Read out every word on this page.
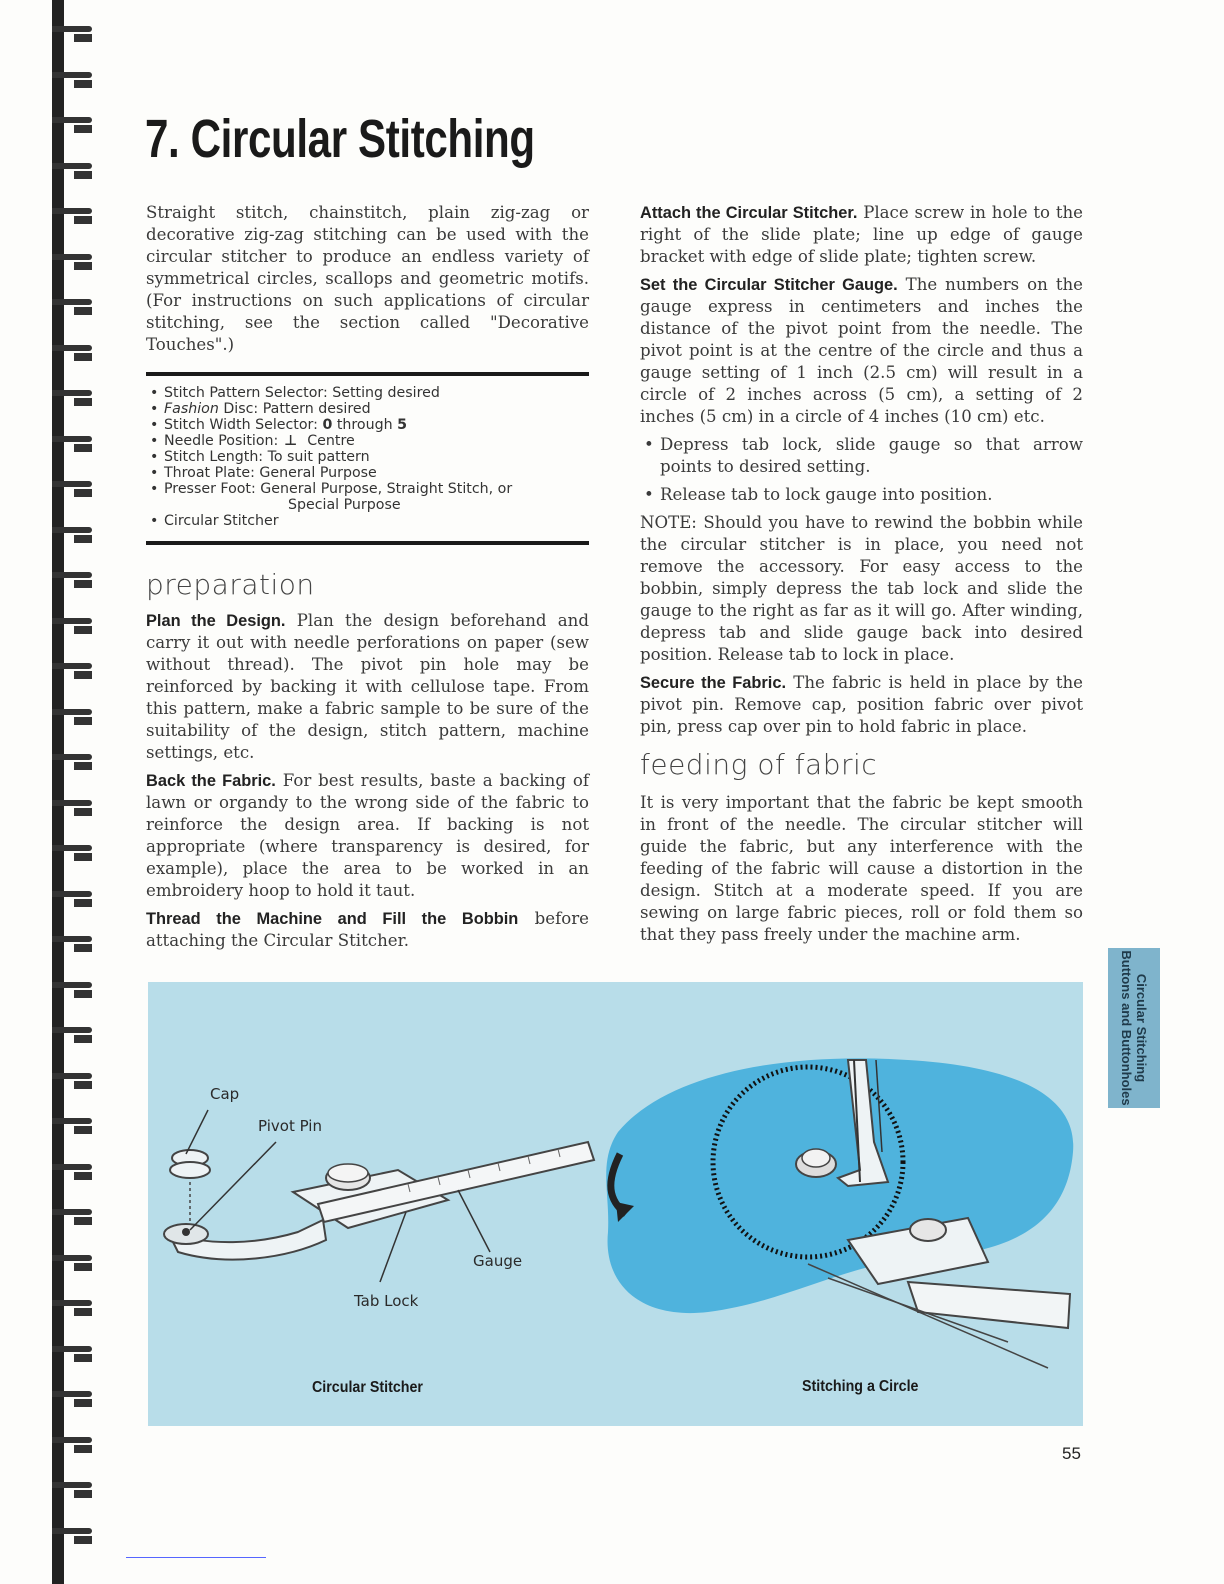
7. Circular Stitching

Straight stitch, chainstitch, plain zig-zag or decorative zig-zag stitching can be used with the circular stitcher to produce an endless variety of symmetrical circles, scallops and geometric motifs. (For instructions on such applications of circular stitching, see the section called "Decorative Touches".)

• Stitch Pattern Selector: Setting desired
• Fashion Disc: Pattern desired
• Stitch Width Selector: 0 through 5
• Needle Position: ⊥ Centre
• Stitch Length: To suit pattern
• Throat Plate: General Purpose
• Presser Foot: General Purpose, Straight Stitch, or
Special Purpose
• Circular Stitcher
preparation

Plan the Design. Plan the design beforehand and carry it out with needle perforations on paper (sew without thread). The pivot pin hole may be reinforced by backing it with cellulose tape. From this pattern, make a fabric sample to be sure of the suitability of the design, stitch pattern, machine settings, etc.

Back the Fabric. For best results, baste a backing of lawn or organdy to the wrong side of the fabric to reinforce the design area. If backing is not appropriate (where transparency is desired, for example), place the area to be worked in an embroidery hoop to hold it taut.

Thread the Machine and Fill the Bobbin before attaching the Circular Stitcher.

Attach the Circular Stitcher. Place screw in hole to the right of the slide plate; line up edge of gauge bracket with edge of slide plate; tighten screw.

Set the Circular Stitcher Gauge. The numbers on the gauge express in centimeters and inches the distance of the pivot point from the needle. The pivot point is at the centre of the circle and thus a gauge setting of 1 inch (2.5 cm) will result in a circle of 2 inches across (5 cm), a setting of 2 inches (5 cm) in a circle of 4 inches (10 cm) etc.

• Depress tab lock, slide gauge so that arrow points to desired setting.
• Release tab to lock gauge into position.

NOTE: Should you have to rewind the bobbin while the circular stitcher is in place, you need not remove the accessory. For easy access to the bobbin, simply depress the tab lock and slide the gauge to the right as far as it will go. After winding, depress tab and slide gauge back into desired position. Release tab to lock in place.

Secure the Fabric. The fabric is held in place by the pivot pin. Remove cap, position fabric over pivot pin, press cap over pin to hold fabric in place.

feeding of fabric

It is very important that the fabric be kept smooth in front of the needle. The circular stitcher will guide the fabric, but any interference with the feeding of the fabric will cause a distortion in the design. Stitch at a moderate speed. If you are sewing on large fabric pieces, roll or fold them so that they pass freely under the machine arm.

Circular Stitching
Buttons and Buttonholes
Cap
Pivot Pin
Gauge
Tab Lock
Circular Stitcher	Stitching a Circle
55
